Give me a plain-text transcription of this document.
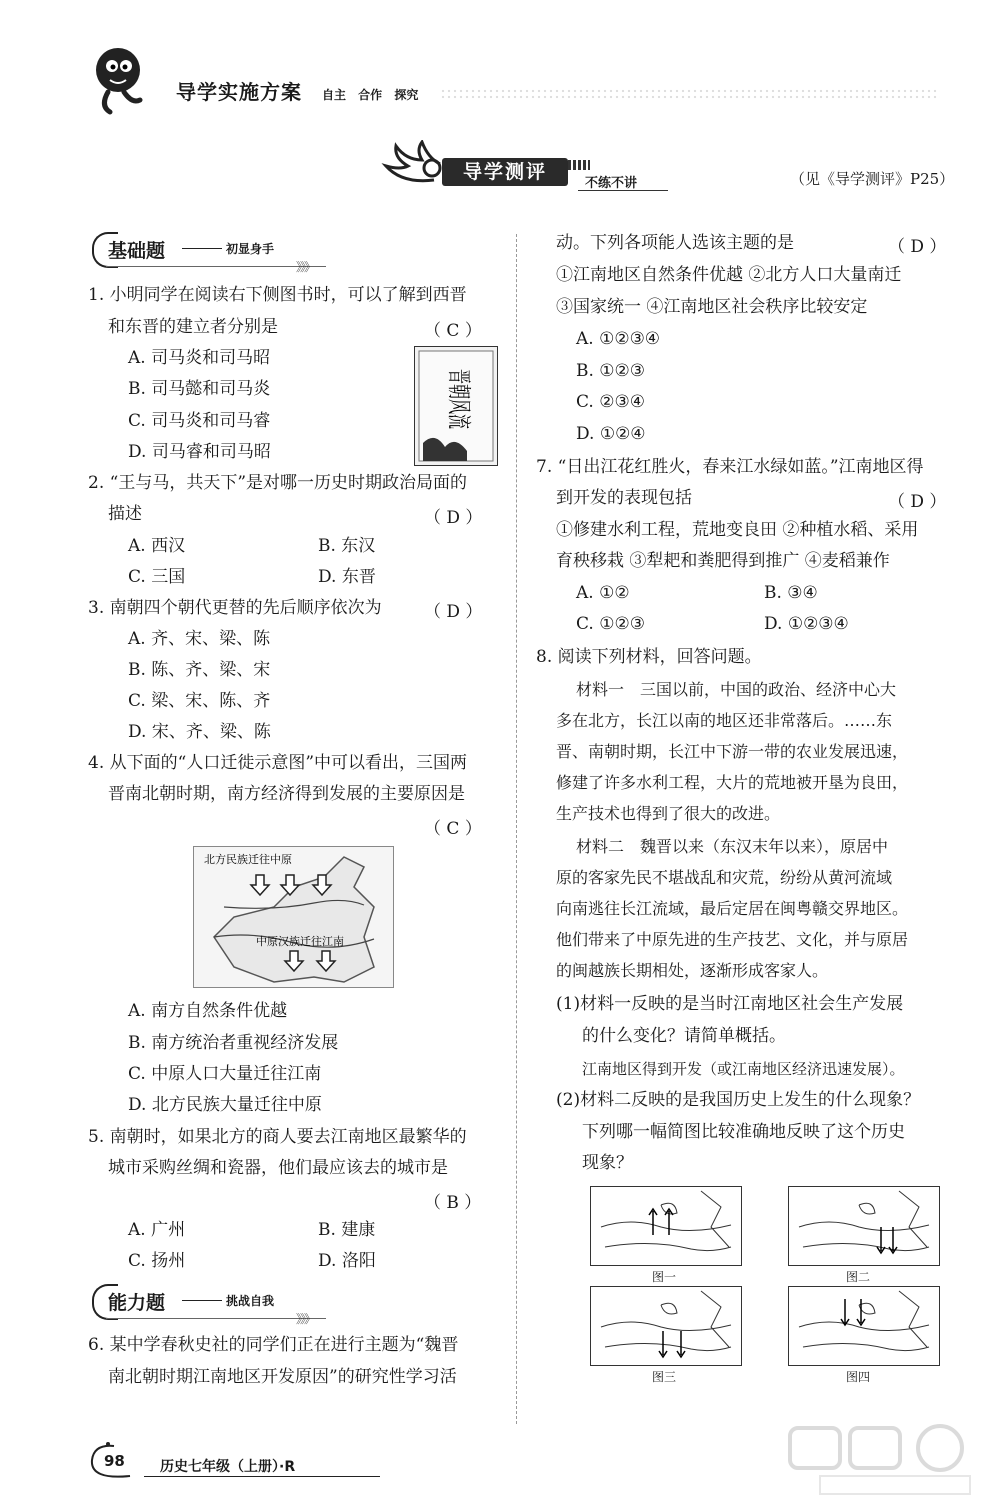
导学实施方案 自主 合作 探究
导学测评
不练不讲	（见《导学测评》P25）
基础题	初显身手
》》》
1. 小明同学在阅读右下侧图书时，可以了解到西晋
和东晋的建立者分别是	（ C ）
A. 司马炎和司马昭
B. 司马懿和司马炎
C. 司马炎和司马睿
D. 司马睿和司马昭	晋朝风流
2. “王与马，共天下”是对哪一历史时期政治局面的
描述	（ D ）
A. 西汉	B. 东汉
C. 三国	D. 东晋
3. 南朝四个朝代更替的先后顺序依次为 （ D ）
A. 齐、宋、梁、陈
B. 陈、齐、梁、宋
C. 梁、宋、陈、齐
D. 宋、齐、梁、陈
4. 从下面的“人口迁徙示意图”中可以看出，三国两
晋南北朝时期，南方经济得到发展的主要原因是
（ C ）
北方民族迁往中原
中原汉族迁往江南
A. 南方自然条件优越
B. 南方统治者重视经济发展
C. 中原人口大量迁往江南
D. 北方民族大量迁往中原
5. 南朝时，如果北方的商人要去江南地区最繁华的
城市采购丝绸和瓷器，他们最应该去的城市是
（ B ）
A. 广州	B. 建康
C. 扬州	D. 洛阳
能力题	挑战自我
》》》
6. 某中学春秋史社的同学们正在进行主题为“魏晋
南北朝时期江南地区开发原因”的研究性学习活
动。下列各项能人选该主题的是	（ D ）
①江南地区自然条件优越 ②北方人口大量南迁
③国家统一 ④江南地区社会秩序比较安定
A. ①②③④
B. ①②③
C. ②③④
D. ①②④
7. “日出江花红胜火，春来江水绿如蓝。”江南地区得
到开发的表现包括	（ D ）
①修建水利工程，荒地变良田 ②种植水稻、采用
育秧移栽 ③犁耙和粪肥得到推广 ④麦稻兼作
A. ①②	B. ③④
C. ①②③	D. ①②③④
8. 阅读下列材料，回答问题。
材料一　三国以前，中国的政治、经济中心大
多在北方，长江以南的地区还非常落后。……东
晋、南朝时期，长江中下游一带的农业发展迅速，
修建了许多水利工程，大片的荒地被开垦为良田，
生产技术也得到了很大的改进。
材料二　魏晋以来（东汉末年以来），原居中
原的客家先民不堪战乱和灾荒，纷纷从黄河流域
向南逃往长江流域，最后定居在闽粤赣交界地区。
他们带来了中原先进的生产技艺、文化，并与原居
的闽越族长期相处，逐渐形成客家人。
(1)材料一反映的是当时江南地区社会生产发展
的什么变化？请简单概括。
江南地区得到开发（或江南地区经济迅速发展）。
(2)材料二反映的是我国历史上发生的什么现象？
下列哪一幅简图比较准确地反映了这个历史
现象？
图一	图二
图三	图四
98	历史七年级（上册）·R
